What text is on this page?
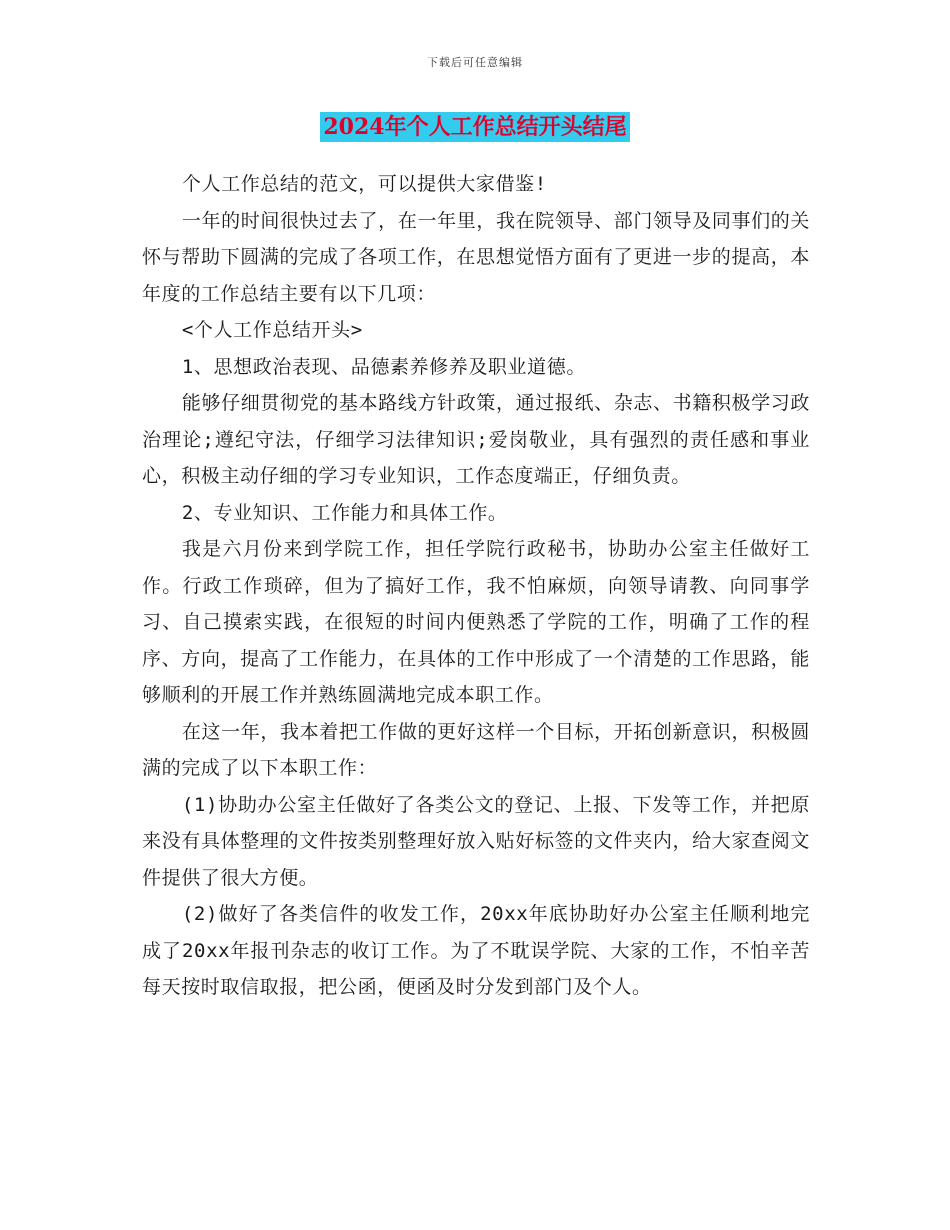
下载后可任意编辑
2024年个人工作总结开头结尾

个人工作总结的范文，可以提供大家借鉴!

一年的时间很快过去了，在一年里，我在院领导、部门领导及同事们的关怀与帮助下圆满的完成了各项工作，在思想觉悟方面有了更进一步的提高，本年度的工作总结主要有以下几项：

<个人工作总结开头>

1、思想政治表现、品德素养修养及职业道德。

能够仔细贯彻党的基本路线方针政策，通过报纸、杂志、书籍积极学习政治理论;遵纪守法，仔细学习法律知识;爱岗敬业，具有强烈的责任感和事业心，积极主动仔细的学习专业知识，工作态度端正，仔细负责。

2、专业知识、工作能力和具体工作。

我是六月份来到学院工作，担任学院行政秘书，协助办公室主任做好工作。行政工作琐碎，但为了搞好工作，我不怕麻烦，向领导请教、向同事学习、自己摸索实践，在很短的时间内便熟悉了学院的工作，明确了工作的程序、方向，提高了工作能力，在具体的工作中形成了一个清楚的工作思路，能够顺利的开展工作并熟练圆满地完成本职工作。

在这一年，我本着把工作做的更好这样一个目标，开拓创新意识，积极圆满的完成了以下本职工作：

(1)协助办公室主任做好了各类公文的登记、上报、下发等工作，并把原来没有具体整理的文件按类别整理好放入贴好标签的文件夹内，给大家查阅文件提供了很大方便。

(2)做好了各类信件的收发工作，20xx年底协助好办公室主任顺利地完成了20xx年报刊杂志的收订工作。为了不耽误学院、大家的工作，不怕辛苦每天按时取信取报，把公函，便函及时分发到部门及个人。
